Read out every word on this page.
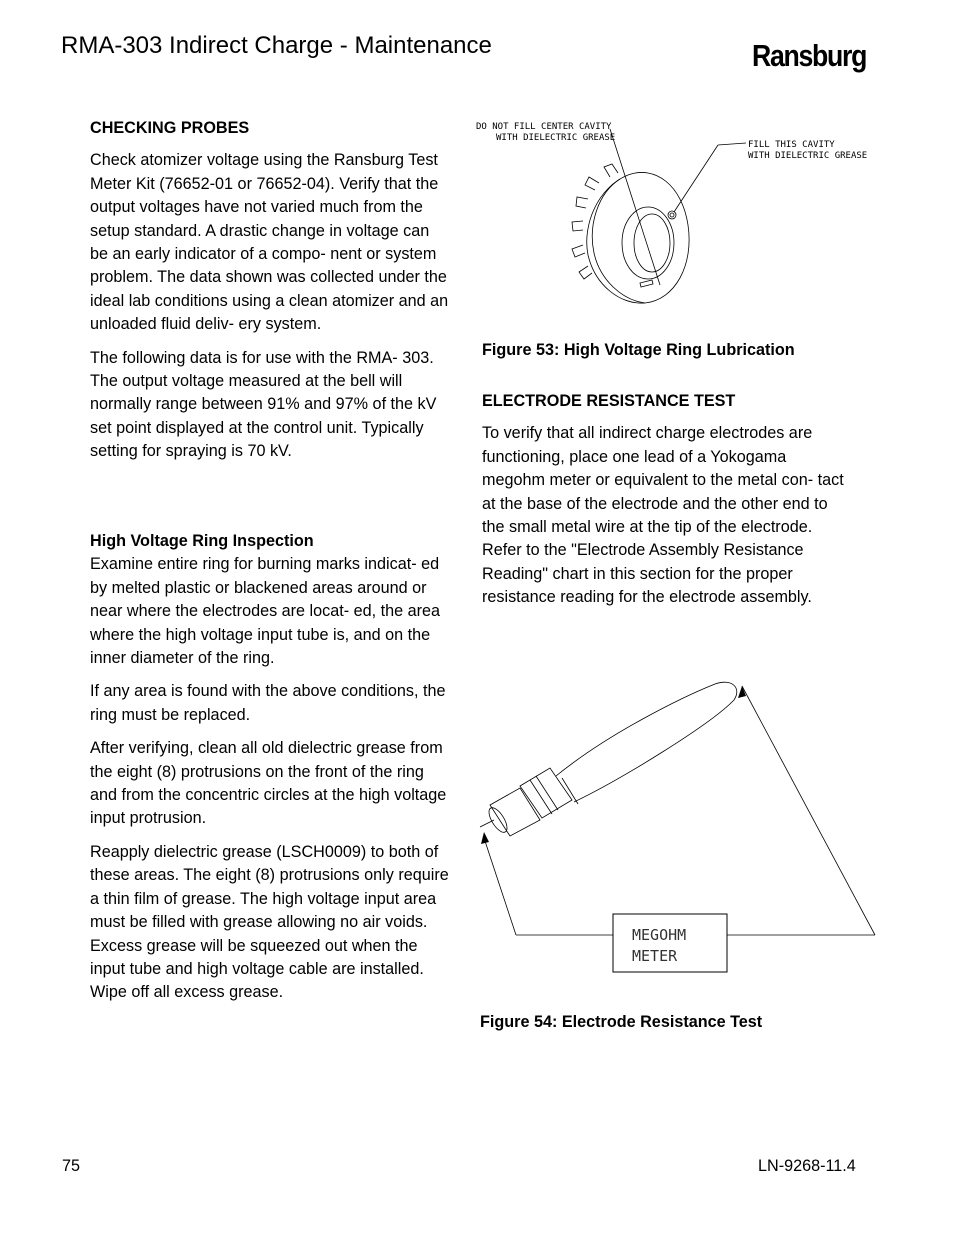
RMA-303 Indirect Charge - Maintenance	Ransburg
CHECKING PROBES

Check atomizer voltage using the Ransburg Test Meter Kit (76652-01 or 76652-04). Verify that the output voltages have not varied much from the setup standard. A drastic change in voltage can be an early indicator of a compo- nent or system problem. The data shown was collected under the ideal lab conditions using a clean atomizer and an unloaded fluid deliv- ery system.

The following data is for use with the RMA- 303. The output voltage measured at the bell will normally range between 91% and 97% of the kV set point displayed at the control unit. Typically setting for spraying is 70 kV.

High Voltage Ring Inspection

Examine entire ring for burning marks indicat- ed by melted plastic or blackened areas around or near where the electrodes are locat- ed, the area where the high voltage input tube is, and on the inner diameter of the ring.

If any area is found with the above conditions, the ring must be replaced.

After verifying, clean all old dielectric grease from the eight (8) protrusions on the front of the ring and from the concentric circles at the high voltage input protrusion.

Reapply dielectric grease (LSCH0009) to both of these areas. The eight (8) protrusions only require a thin film of grease. The high voltage input area must be filled with grease allowing no air voids. Excess grease will be squeezed out when the input tube and high voltage cable are installed. Wipe off all excess grease.

DO NOT FILL CENTER CAVITY
WITH DIELECTRIC GREASE
FILL THIS CAVITY
WITH DIELECTRIC GREASE
Figure 53: High Voltage Ring Lubrication
ELECTRODE RESISTANCE TEST

To verify that all indirect charge electrodes are functioning, place one lead of a Yokogama megohm meter or equivalent to the metal con- tact at the base of the electrode and the other end to the small metal wire at the tip of the electrode. Refer to the "Electrode Assembly Resistance Reading" chart in this section for the proper resistance reading for the electrode assembly.

MEGOHM
METER
Figure 54: Electrode Resistance Test
75	LN-9268-11.4
